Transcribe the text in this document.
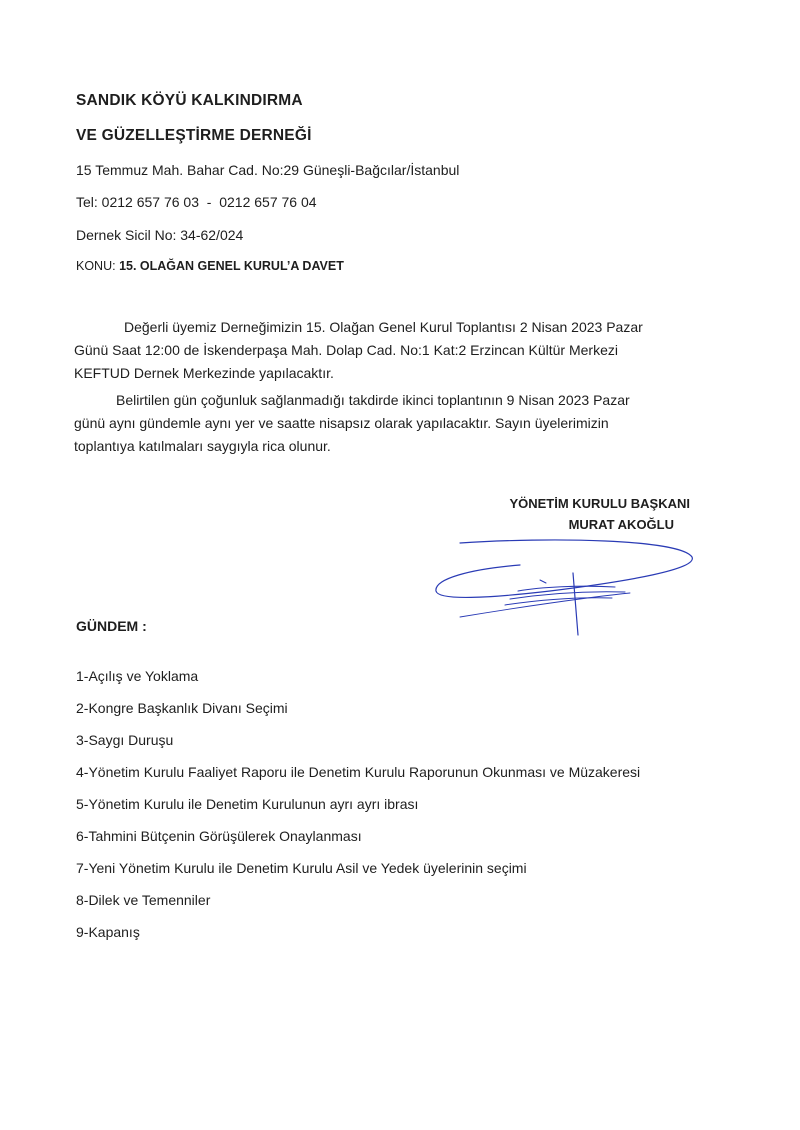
SANDIK KÖYÜ KALKINDIRMA
VE GÜZELLEŞTİRME DERNEĞİ
15 Temmuz Mah. Bahar Cad. No:29 Güneşli-Bağcılar/İstanbul
Tel: 0212 657 76 03  -  0212 657 76 04
Dernek Sicil No: 34-62/024
KONU: 15. OLAĞAN GENEL KURUL’A DAVET
Değerli üyemiz Derneğimizin 15. Olağan Genel Kurul Toplantısı 2 Nisan 2023 Pazar
Günü Saat 12:00 de İskenderpaşa Mah. Dolap Cad. No:1 Kat:2 Erzincan Kültür Merkezi
KEFTUD Dernek Merkezinde yapılacaktır.
Belirtilen gün çoğunluk sağlanmadığı takdirde ikinci toplantının 9 Nisan 2023 Pazar
günü aynı gündemle aynı yer ve saatte nisapsız olarak yapılacaktır. Sayın üyelerimizin
toplantıya katılmaları saygıyla rica olunur.
YÖNETİM KURULU BAŞKANI
MURAT AKOĞLU
GÜNDEM :
1-Açılış ve Yoklama
2-Kongre Başkanlık Divanı Seçimi
3-Saygı Duruşu
4-Yönetim Kurulu Faaliyet Raporu ile Denetim Kurulu Raporunun Okunması ve Müzakeresi
5-Yönetim Kurulu ile Denetim Kurulunun ayrı ayrı ibrası
6-Tahmini Bütçenin Görüşülerek Onaylanması
7-Yeni Yönetim Kurulu ile Denetim Kurulu Asil ve Yedek üyelerinin seçimi
8-Dilek ve Temenniler
9-Kapanış
